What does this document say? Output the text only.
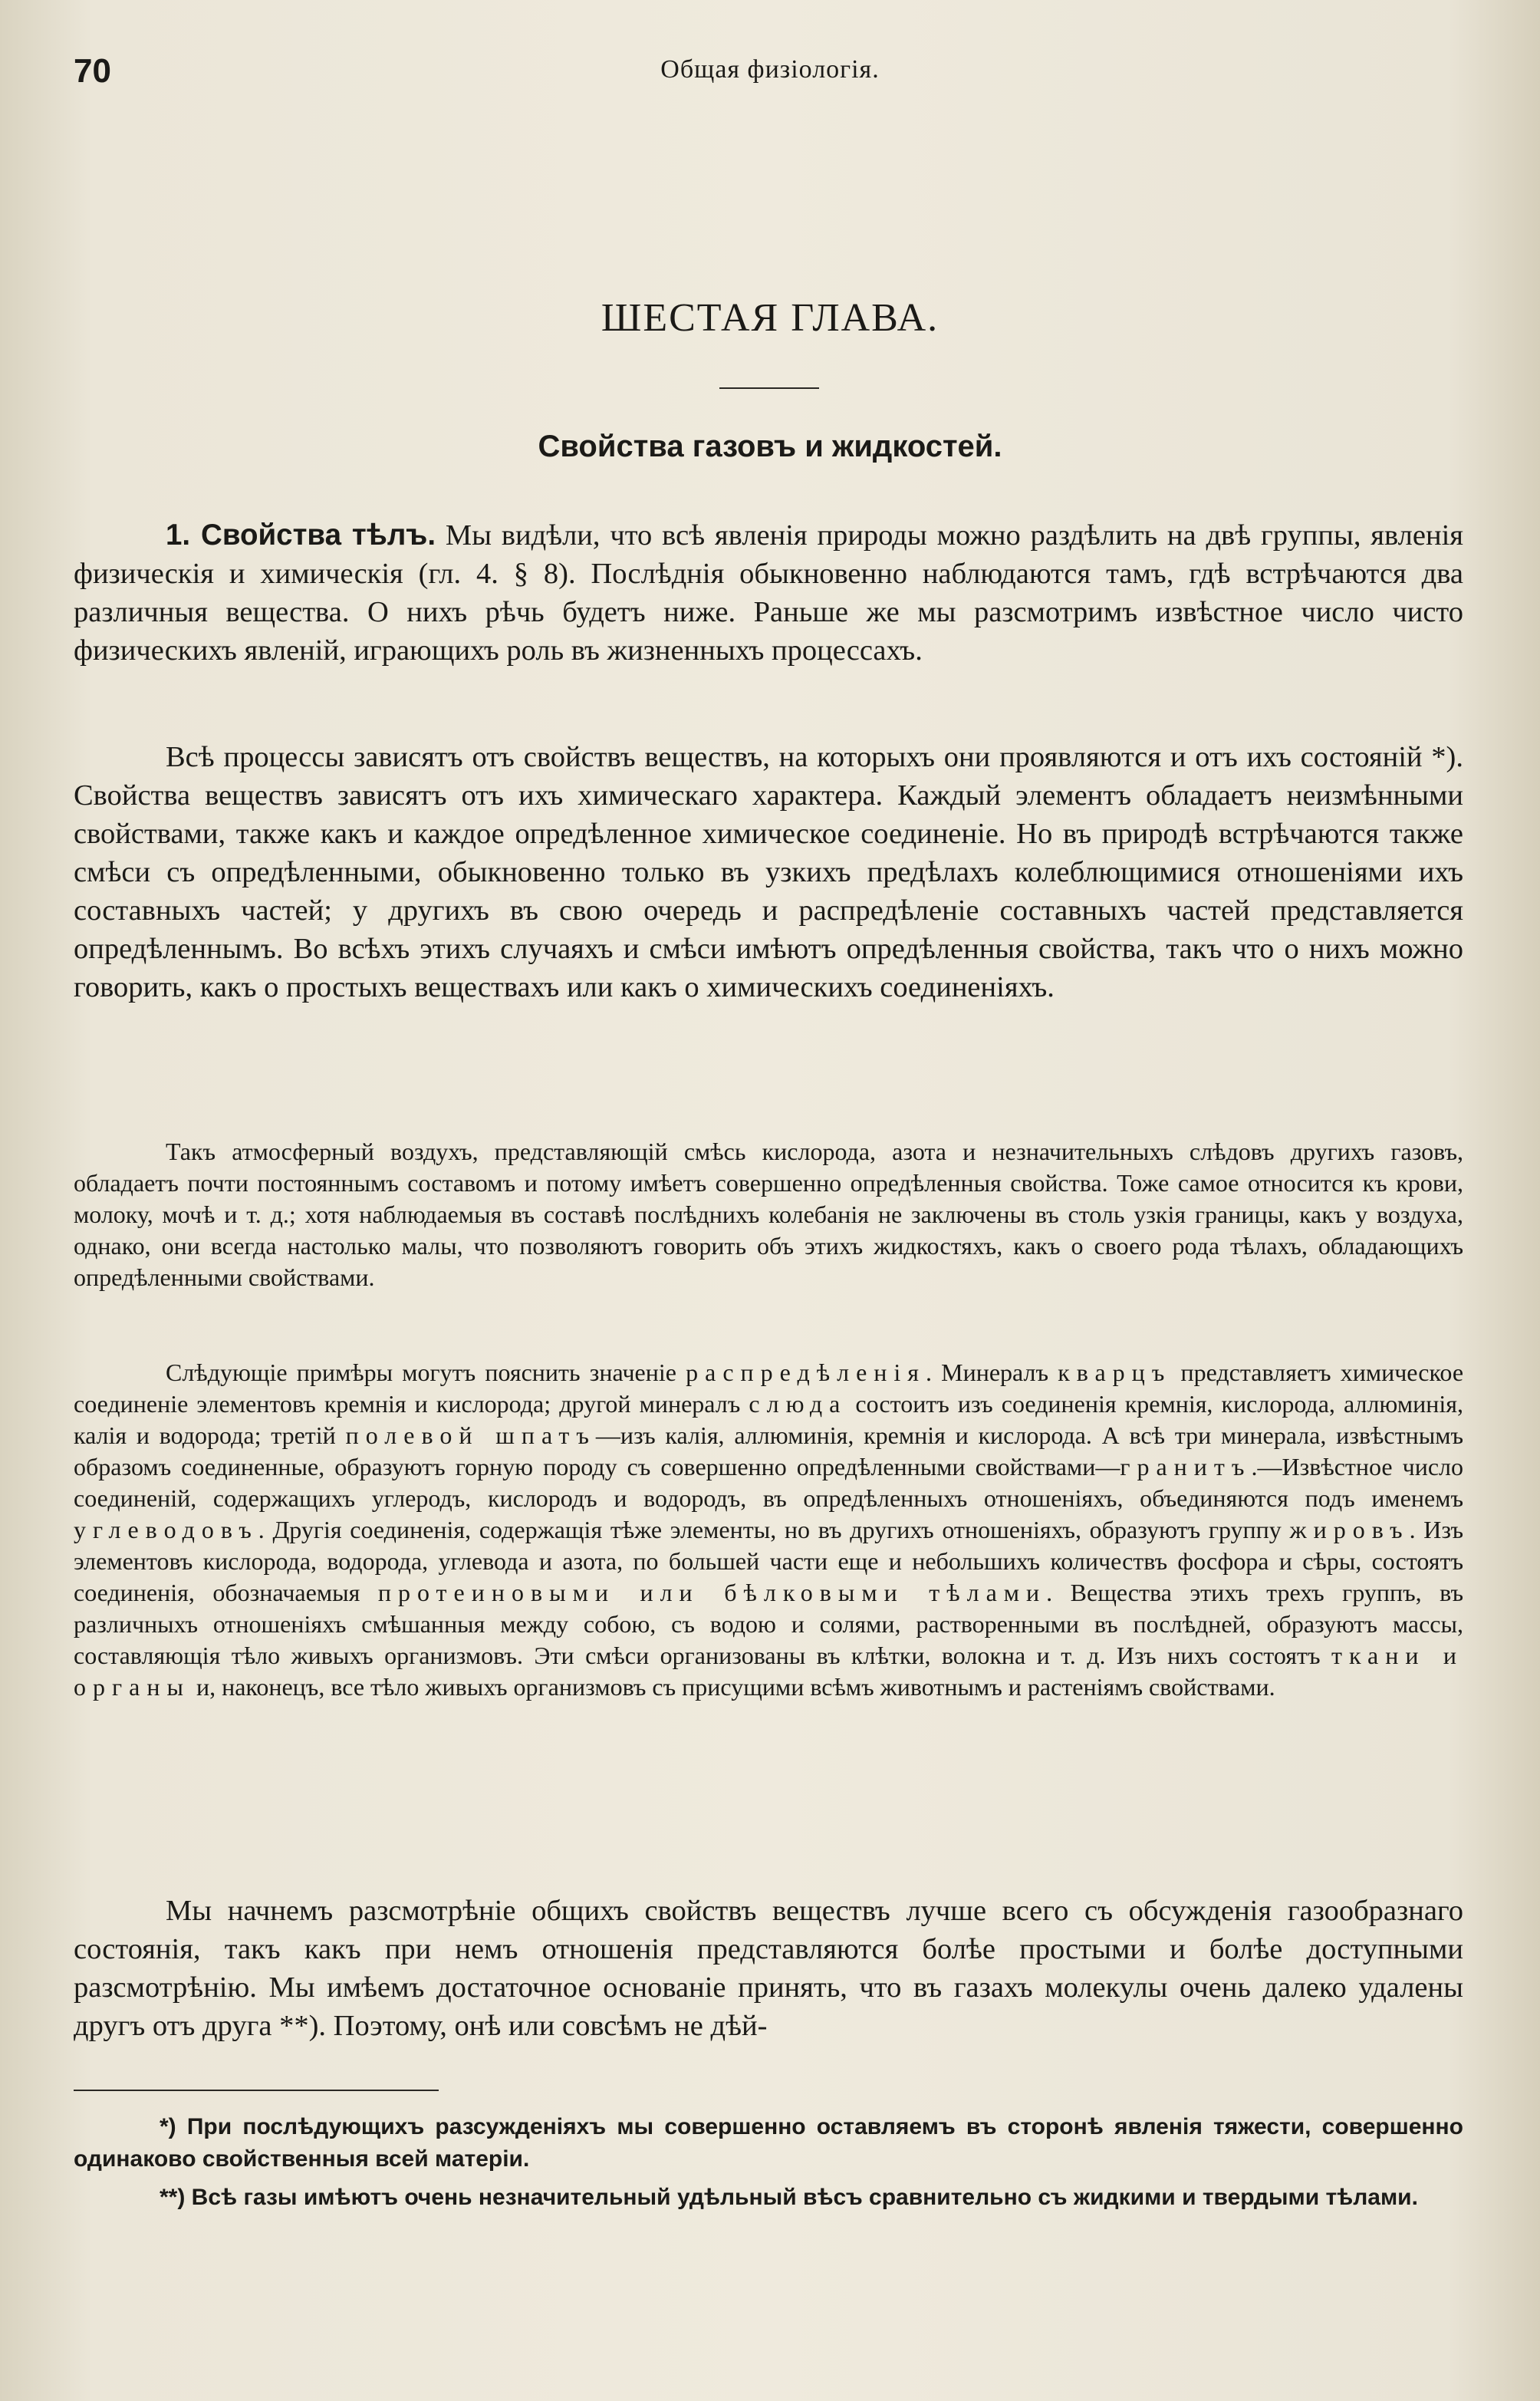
70	Общая физiологiя.
ШЕСТАЯ ГЛАВА.
Свойства газовъ и жидкостей.

1. Свойства тѣлъ. Мы видѣли, что всѣ явленiя природы можно раздѣлить на двѣ группы, явленiя физическiя и химическiя (гл. 4. § 8). Послѣднiя обыкновенно наблюдаются тамъ, гдѣ встрѣчаются два различныя вещества. О нихъ рѣчь будетъ ниже. Раньше же мы разсмотримъ извѣстное число чисто физическихъ явленiй, играющихъ роль въ жизненныхъ процессахъ.

Всѣ процессы зависятъ отъ свойствъ веществъ, на которыхъ они проявляются и отъ ихъ состоянiй *). Свойства веществъ зависятъ отъ ихъ химическаго характера. Каждый элементъ обладаетъ неизмѣнными свойствами, также какъ и каждое опредѣленное химическое соединенiе. Но въ природѣ встрѣчаются также смѣси съ опредѣленными, обыкновенно только въ узкихъ предѣлахъ колеблющимися отношенiями ихъ составныхъ частей; у другихъ въ свою очередь и распредѣленiе составныхъ частей представляется опредѣленнымъ. Во всѣхъ этихъ случаяхъ и смѣси имѣютъ опредѣленныя свойства, такъ что о нихъ можно говорить, какъ о простыхъ веществахъ или какъ о химическихъ соединенiяхъ.

Такъ атмосферный воздухъ, представляющiй смѣсь кислорода, азота и незначительныхъ слѣдовъ другихъ газовъ, обладаетъ почти постояннымъ составомъ и потому имѣетъ совершенно опредѣленныя свойства. Тоже самое относится къ крови, молоку, мочѣ и т. д.; хотя наблюдаемыя въ составѣ послѣднихъ колебанiя не заключены въ столь узкiя границы, какъ у воздуха, однако, они всегда настолько малы, что позволяютъ говорить объ этихъ жидкостяхъ, какъ о своего рода тѣлахъ, обладающихъ опредѣленными свойствами.

Слѣдующiе примѣры могутъ пояснить значенiе распредѣленiя. Минералъ кварцъ представляетъ химическое соединенiе элементовъ кремнiя и кислорода; другой минералъ слюда состоитъ изъ соединенiя кремнiя, кислорода, аллюминiя, калiя и водорода; третiй полевой шпатъ—изъ калiя, аллюминiя, кремнiя и кислорода. А всѣ три минерала, извѣстнымъ образомъ соединенные, образуютъ горную породу съ совершенно опредѣленными свойствами—гранитъ.—Извѣстное число соединенiй, содержащихъ углеродъ, кислородъ и водородъ, въ опредѣленныхъ отношенiяхъ, объединяются подъ именемъ углеводовъ. Другiя соединенiя, содержащiя тѣже элементы, но въ другихъ отношенiяхъ, образуютъ группу жировъ. Изъ элементовъ кислорода, водорода, углевода и азота, по большей части еще и небольшихъ количествъ фосфора и сѣры, состоятъ соединенiя, обозначаемыя протеиновыми или бѣлковыми тѣлами. Вещества этихъ трехъ группъ, въ различныхъ отношенiяхъ смѣшанныя между собою, съ водою и солями, растворенными въ послѣдней, образуютъ массы, составляющiя тѣло живыхъ организмовъ. Эти смѣси организованы въ клѣтки, волокна и т. д. Изъ нихъ состоятъ ткани и органы и, наконецъ, все тѣло живыхъ организмовъ съ присущими всѣмъ животнымъ и растенiямъ свойствами.

Мы начнемъ разсмотрѣнiе общихъ свойствъ веществъ лучше всего съ обсужденiя газообразнаго состоянiя, такъ какъ при немъ отношенiя представляются болѣе простыми и болѣе доступными разсмотрѣнiю. Мы имѣемъ достаточное основанiе принять, что въ газахъ молекулы очень далеко удалены другъ отъ друга **). Поэтому, онѣ или совсѣмъ не дѣй-

*) При послѣдующихъ разсужденiяхъ мы совершенно оставляемъ въ сторонѣ явленiя тяжести, совершенно одинаково свойственныя всей матерiи.

**) Всѣ газы имѣютъ очень незначительный удѣльный вѣсъ сравнительно съ жидкими и твердыми тѣлами.
